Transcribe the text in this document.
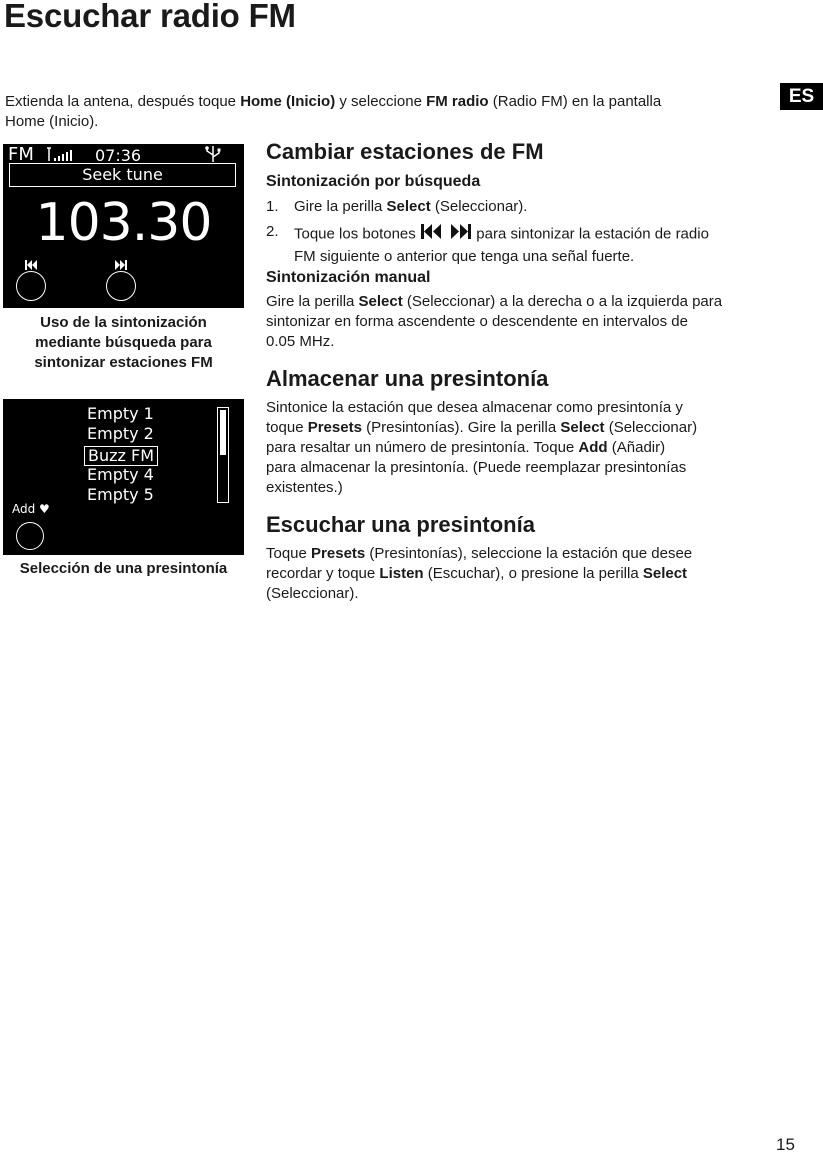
Escuchar radio FM
ES
Extienda la antena, después toque Home (Inicio) y seleccione FM radio (Radio FM) en la pantalla
Home (Inicio).
FM	07:36
Seek tune
103.30
Uso de la sintonización
mediante búsqueda para
sintonizar estaciones FM
Empty 1
Empty 2
Buzz FM
Empty 4
Empty 5
Add ♥
Selección de una presintonía
Cambiar estaciones de FM
Sintonización por búsqueda
1. Gire la perilla Select (Seleccionar).
2. Toque los botones	para sintonizar la estación de radio
FM siguiente o anterior que tenga una señal fuerte.
Sintonización manual
Gire la perilla Select (Seleccionar) a la derecha o a la izquierda para
sintonizar en forma ascendente o descendente en intervalos de
0.05 MHz.
Almacenar una presintonía
Sintonice la estación que desea almacenar como presintonía y
toque Presets (Presintonías). Gire la perilla Select (Seleccionar)
para resaltar un número de presintonía. Toque Add (Añadir)
para almacenar la presintonía. (Puede reemplazar presintonías
existentes.)
Escuchar una presintonía
Toque Presets (Presintonías), seleccione la estación que desee
recordar y toque Listen (Escuchar), o presione la perilla Select
(Seleccionar).
15
